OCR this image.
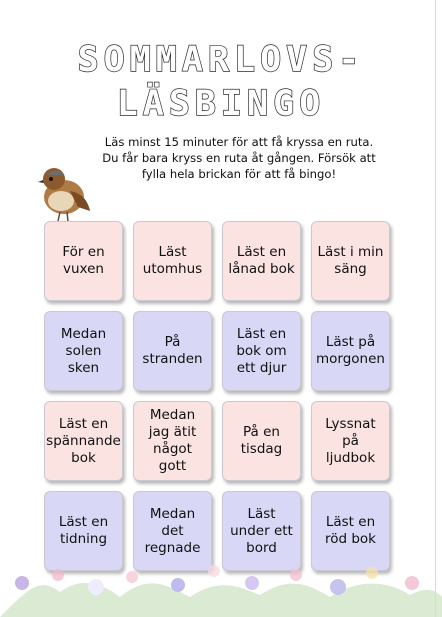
SOMMARLOVS-
LÄSBINGO
Läs minst 15 minuter för att få kryssa en ruta. Du får bara kryss en ruta åt gången. Försök att fylla hela brickan för att få bingo!
För en vuxen
Läst utomhus
Läst en lånad bok
Läst i min säng
Medan solen sken
På stranden
Läst en bok om ett djur
Läst på morgonen
Läst en spännande bok
Medan jag ätit något gott
På en tisdag
Lyssnat på ljudbok
Läst en tidning
Medan det regnade
Läst under ett bord
Läst en röd bok
